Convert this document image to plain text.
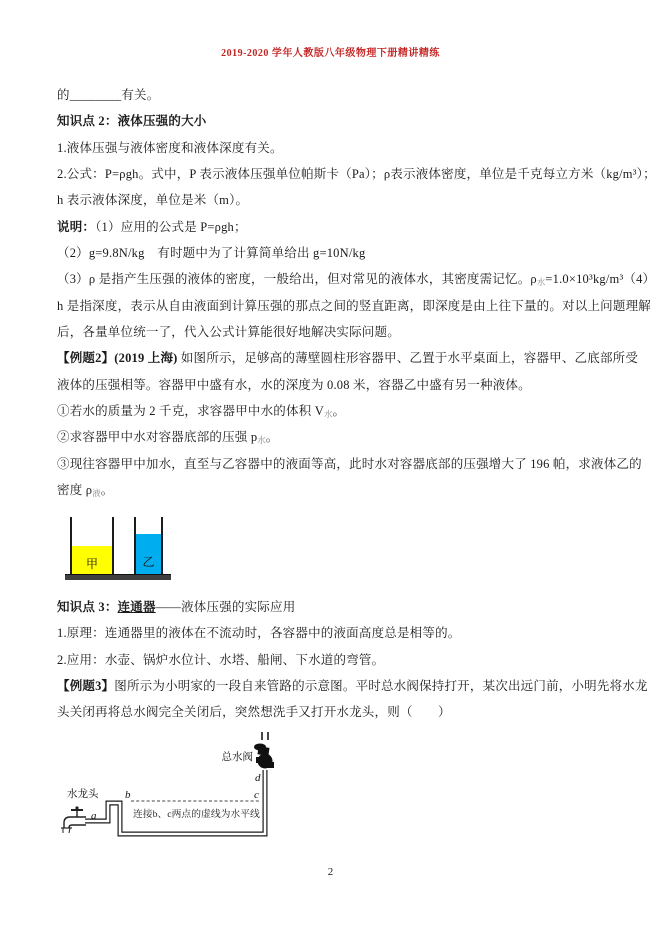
2019-2020 学年人教版八年级物理下册精讲精练
的________有关。
知识点 2：液体压强的大小
1.液体压强与液体密度和液体深度有关。
2.公式：P=ρgh。式中，P 表示液体压强单位帕斯卡（Pa）；ρ表示液体密度，单位是千克每立方米（kg/m³）；
h 表示液体深度，单位是米（m）。
说明：（1）应用的公式是 P=ρgh；
（2）g=9.8N/kg　有时题中为了计算简单给出 g=10N/kg
（3）ρ 是指产生压强的液体的密度，一般给出，但对常见的液体水，其密度需记忆。$\rho_水=1.0\times 10^3kg/m^3(4)$
h 是指深度，表示从自由液面到计算压强的那点之间的竖直距离，即深度是由上往下量的。对以上问题理解
后，各量单位统一了，代入公式计算能很好地解决实际问题。
【例题2】(2019 上海) 如图所示，足够高的薄壁圆柱形容器甲、乙置于水平桌面上，容器甲、乙底部所受
液体的压强相等。容器甲中盛有水，水的深度为 0.08 米，容器乙中盛有另一种液体。
①若水的质量为 2 千克，求容器甲中水的体积 $V_水$。
②求容器甲中水对容器底部的压强 $p_水$。
③现往容器甲中加水，直至与乙容器中的液面等高，此时水对容器底部的压强增大了 196 帕，求液体乙的
密度 $\rho_液$。
甲	乙
知识点 3：连通器——液体压强的实际应用
1.原理：连通器里的液体在不流动时，各容器中的液面高度总是相等的。
2.应用：水壶、锅炉水位计、水塔、船闸、下水道的弯管。
【例题3】图所示为小明家的一段自来管路的示意图。平时总水阀保持打开，某次出远门前，小明先将水龙
头关闭再将总水阀完全关闭后，突然想洗手又打开水龙头，则（　　）
总水阀
d
c
b
a
水龙头
连接b、c两点的虚线为水平线
2
